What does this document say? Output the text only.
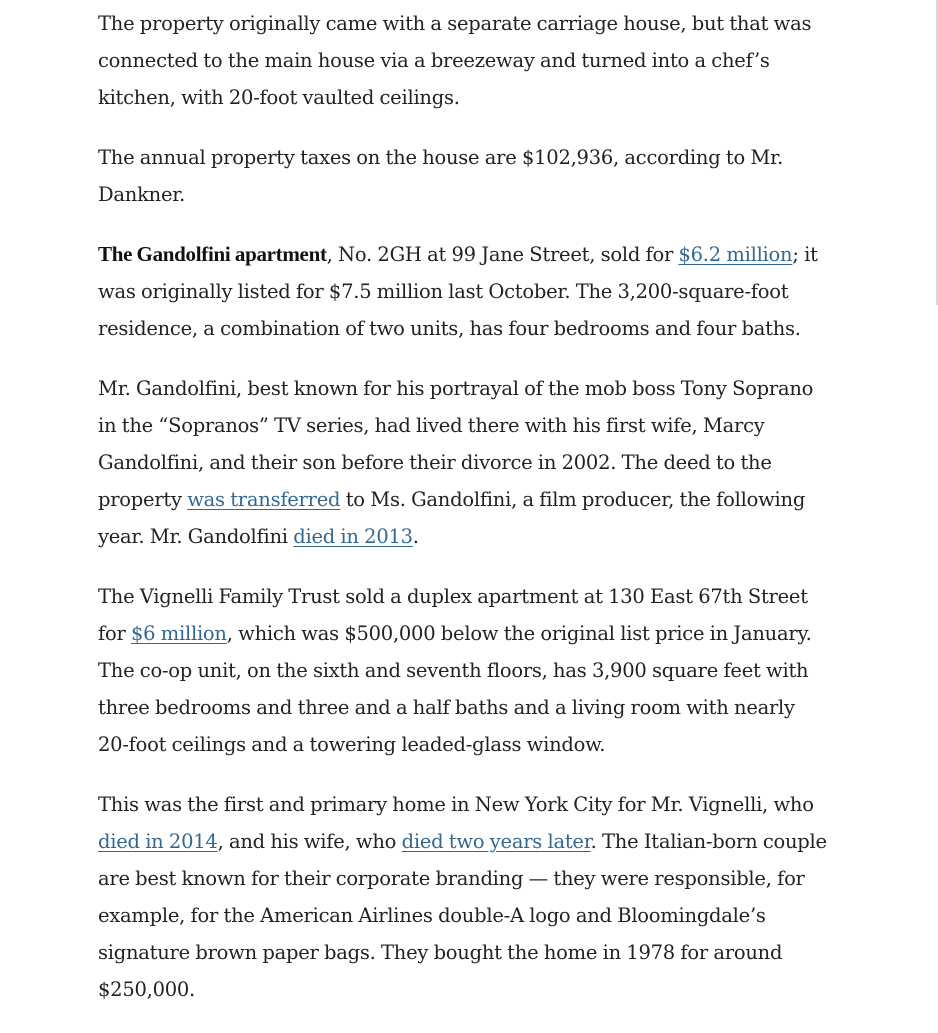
The property originally came with a separate carriage house, but that was
connected to the main house via a breezeway and turned into a chef’s
kitchen, with 20-foot vaulted ceilings.

The annual property taxes on the house are $102,936, according to Mr.
Dankner.

The Gandolfini apartment, No. 2GH at 99 Jane Street, sold for $6.2 million; it
was originally listed for $7.5 million last October. The 3,200-square-foot
residence, a combination of two units, has four bedrooms and four baths.

Mr. Gandolfini, best known for his portrayal of the mob boss Tony Soprano
in the “Sopranos” TV series, had lived there with his first wife, Marcy
Gandolfini, and their son before their divorce in 2002. The deed to the
property was transferred to Ms. Gandolfini, a film producer, the following
year. Mr. Gandolfini died in 2013.

The Vignelli Family Trust sold a duplex apartment at 130 East 67th Street
for $6 million, which was $500,000 below the original list price in January.
The co-op unit, on the sixth and seventh floors, has 3,900 square feet with
three bedrooms and three and a half baths and a living room with nearly
20-foot ceilings and a towering leaded-glass window.

This was the first and primary home in New York City for Mr. Vignelli, who
died in 2014, and his wife, who died two years later. The Italian-born couple
are best known for their corporate branding — they were responsible, for
example, for the American Airlines double-A logo and Bloomingdale’s
signature brown paper bags. They bought the home in 1978 for around
$250,000.
